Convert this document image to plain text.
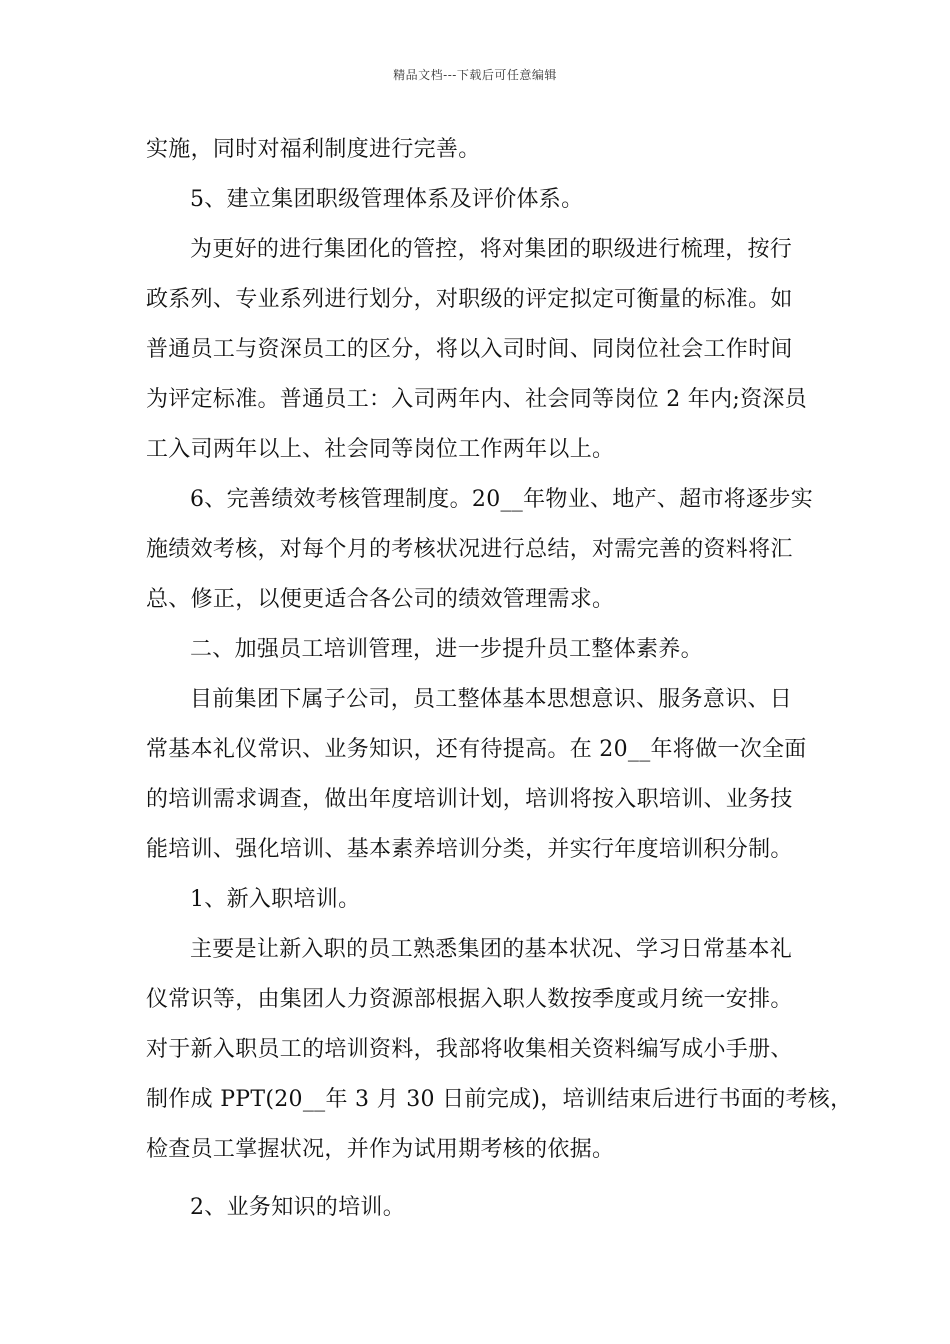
精品文档---下载后可任意编辑
实施，同时对福利制度进行完善。
5、建立集团职级管理体系及评价体系。
为更好的进行集团化的管控，将对集团的职级进行梳理，按行
政系列、专业系列进行划分，对职级的评定拟定可衡量的标准。如
普通员工与资深员工的区分，将以入司时间、同岗位社会工作时间
为评定标准。普通员工：入司两年内、社会同等岗位 2 年内;资深员
工入司两年以上、社会同等岗位工作两年以上。
6、完善绩效考核管理制度。20__年物业、地产、超市将逐步实
施绩效考核，对每个月的考核状况进行总结，对需完善的资料将汇
总、修正，以便更适合各公司的绩效管理需求。
二、加强员工培训管理，进一步提升员工整体素养。
目前集团下属子公司，员工整体基本思想意识、服务意识、日
常基本礼仪常识、业务知识，还有待提高。在 20__年将做一次全面
的培训需求调查，做出年度培训计划，培训将按入职培训、业务技
能培训、强化培训、基本素养培训分类，并实行年度培训积分制。
1、新入职培训。
主要是让新入职的员工熟悉集团的基本状况、学习日常基本礼
仪常识等，由集团人力资源部根据入职人数按季度或月统一安排。
对于新入职员工的培训资料，我部将收集相关资料编写成小手册、
制作成 PPT(20__年 3 月 30 日前完成)，培训结束后进行书面的考核，
检查员工掌握状况，并作为试用期考核的依据。
2、业务知识的培训。
